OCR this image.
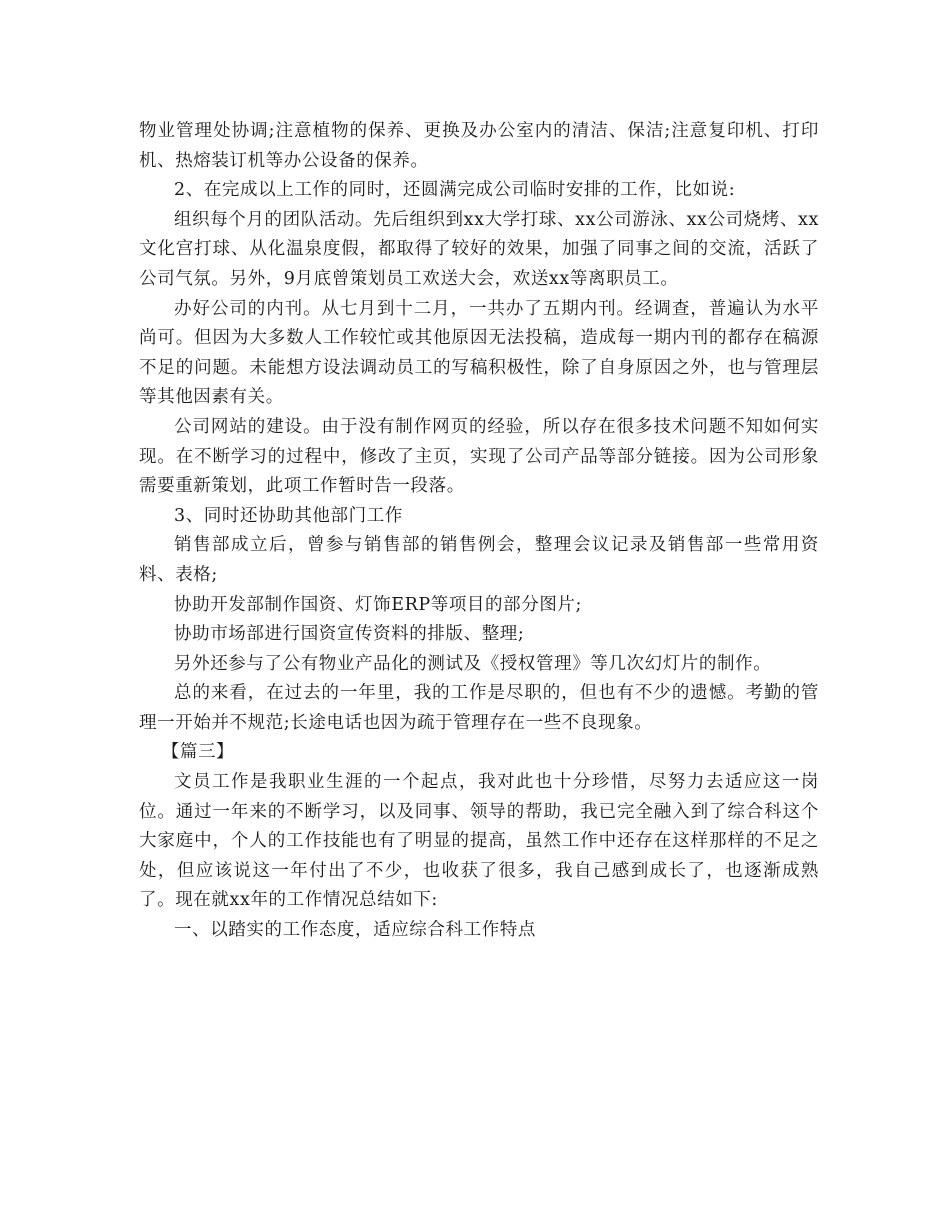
物业管理处协调;注意植物的保养、更换及办公室内的清洁、保洁;注意复印机、打印机、热熔装订机等办公设备的保养。

2、在完成以上工作的同时，还圆满完成公司临时安排的工作，比如说:

组织每个月的团队活动。先后组织到xx大学打球、xx公司游泳、xx公司烧烤、xx文化宫打球、从化温泉度假，都取得了较好的效果，加强了同事之间的交流，活跃了公司气氛。另外，9月底曾策划员工欢送大会，欢送xx等离职员工。

办好公司的内刊。从七月到十二月，一共办了五期内刊。经调查，普遍认为水平尚可。但因为大多数人工作较忙或其他原因无法投稿，造成每一期内刊的都存在稿源不足的问题。未能想方设法调动员工的写稿积极性，除了自身原因之外，也与管理层等其他因素有关。

公司网站的建设。由于没有制作网页的经验，所以存在很多技术问题不知如何实现。在不断学习的过程中，修改了主页，实现了公司产品等部分链接。因为公司形象需要重新策划，此项工作暂时告一段落。

3、同时还协助其他部门工作

销售部成立后，曾参与销售部的销售例会，整理会议记录及销售部一些常用资料、表格;

协助开发部制作国资、灯饰ERP等项目的部分图片;

协助市场部进行国资宣传资料的排版、整理;

另外还参与了公有物业产品化的测试及《授权管理》等几次幻灯片的制作。

总的来看，在过去的一年里，我的工作是尽职的，但也有不少的遗憾。考勤的管理一开始并不规范;长途电话也因为疏于管理存在一些不良现象。

【篇三】

文员工作是我职业生涯的一个起点，我对此也十分珍惜，尽努力去适应这一岗位。通过一年来的不断学习，以及同事、领导的帮助，我已完全融入到了综合科这个大家庭中，个人的工作技能也有了明显的提高，虽然工作中还存在这样那样的不足之处，但应该说这一年付出了不少，也收获了很多，我自己感到成长了，也逐渐成熟了。现在就xx年的工作情况总结如下:

一、以踏实的工作态度，适应综合科工作特点
